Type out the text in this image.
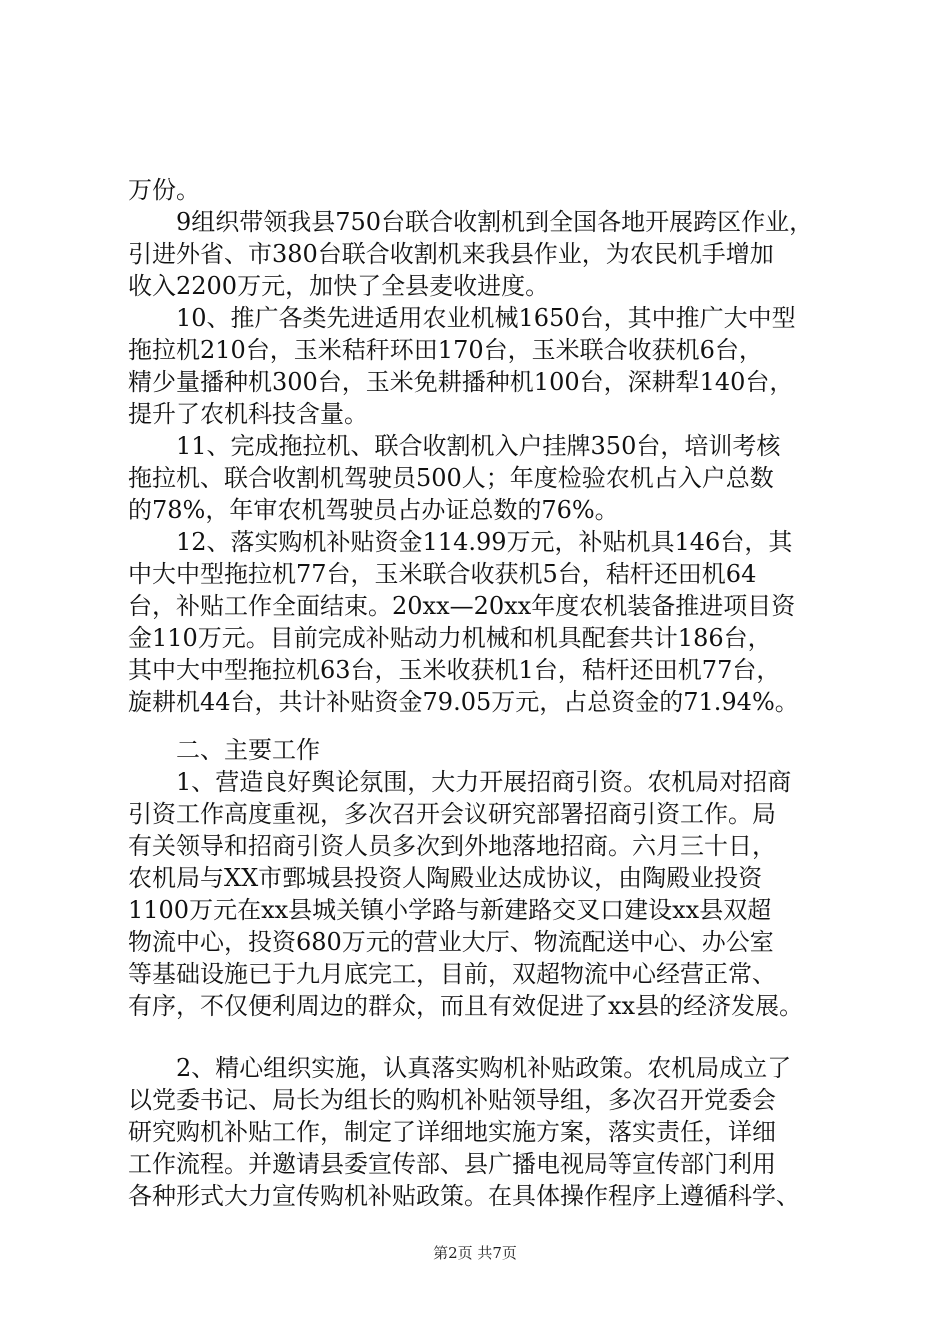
万份。
9组织带领我县750台联合收割机到全国各地开展跨区作业，
引进外省、市380台联合收割机来我县作业，为农民机手增加
收入2200万元，加快了全县麦收进度。
10、推广各类先进适用农业机械1650台，其中推广大中型
拖拉机210台，玉米秸秆环田170台，玉米联合收获机6台，
精少量播种机300台，玉米免耕播种机100台，深耕犁140台，
提升了农机科技含量。
11、完成拖拉机、联合收割机入户挂牌350台，培训考核
拖拉机、联合收割机驾驶员500人；年度检验农机占入户总数
的78%，年审农机驾驶员占办证总数的76%。
12、落实购机补贴资金114.99万元，补贴机具146台，其
中大中型拖拉机77台，玉米联合收获机5台，秸杆还田机64
台，补贴工作全面结束。20xx—20xx年度农机装备推进项目资
金110万元。目前完成补贴动力机械和机具配套共计186台，
其中大中型拖拉机63台，玉米收获机1台，秸杆还田机77台，
旋耕机44台，共计补贴资金79.05万元，占总资金的71.94%。
二、主要工作
1、营造良好舆论氛围，大力开展招商引资。农机局对招商
引资工作高度重视，多次召开会议研究部署招商引资工作。局
有关领导和招商引资人员多次到外地落地招商。六月三十日，
农机局与XX市鄄城县投资人陶殿业达成协议，由陶殿业投资
1100万元在xx县城关镇小学路与新建路交叉口建设xx县双超
物流中心，投资680万元的营业大厅、物流配送中心、办公室
等基础设施已于九月底完工，目前，双超物流中心经营正常、
有序，不仅便利周边的群众，而且有效促进了xx县的经济发展。
2、精心组织实施，认真落实购机补贴政策。农机局成立了
以党委书记、局长为组长的购机补贴领导组，多次召开党委会
研究购机补贴工作，制定了详细地实施方案，落实责任，详细
工作流程。并邀请县委宣传部、县广播电视局等宣传部门利用
各种形式大力宣传购机补贴政策。在具体操作程序上遵循科学、
第2页 共7页
